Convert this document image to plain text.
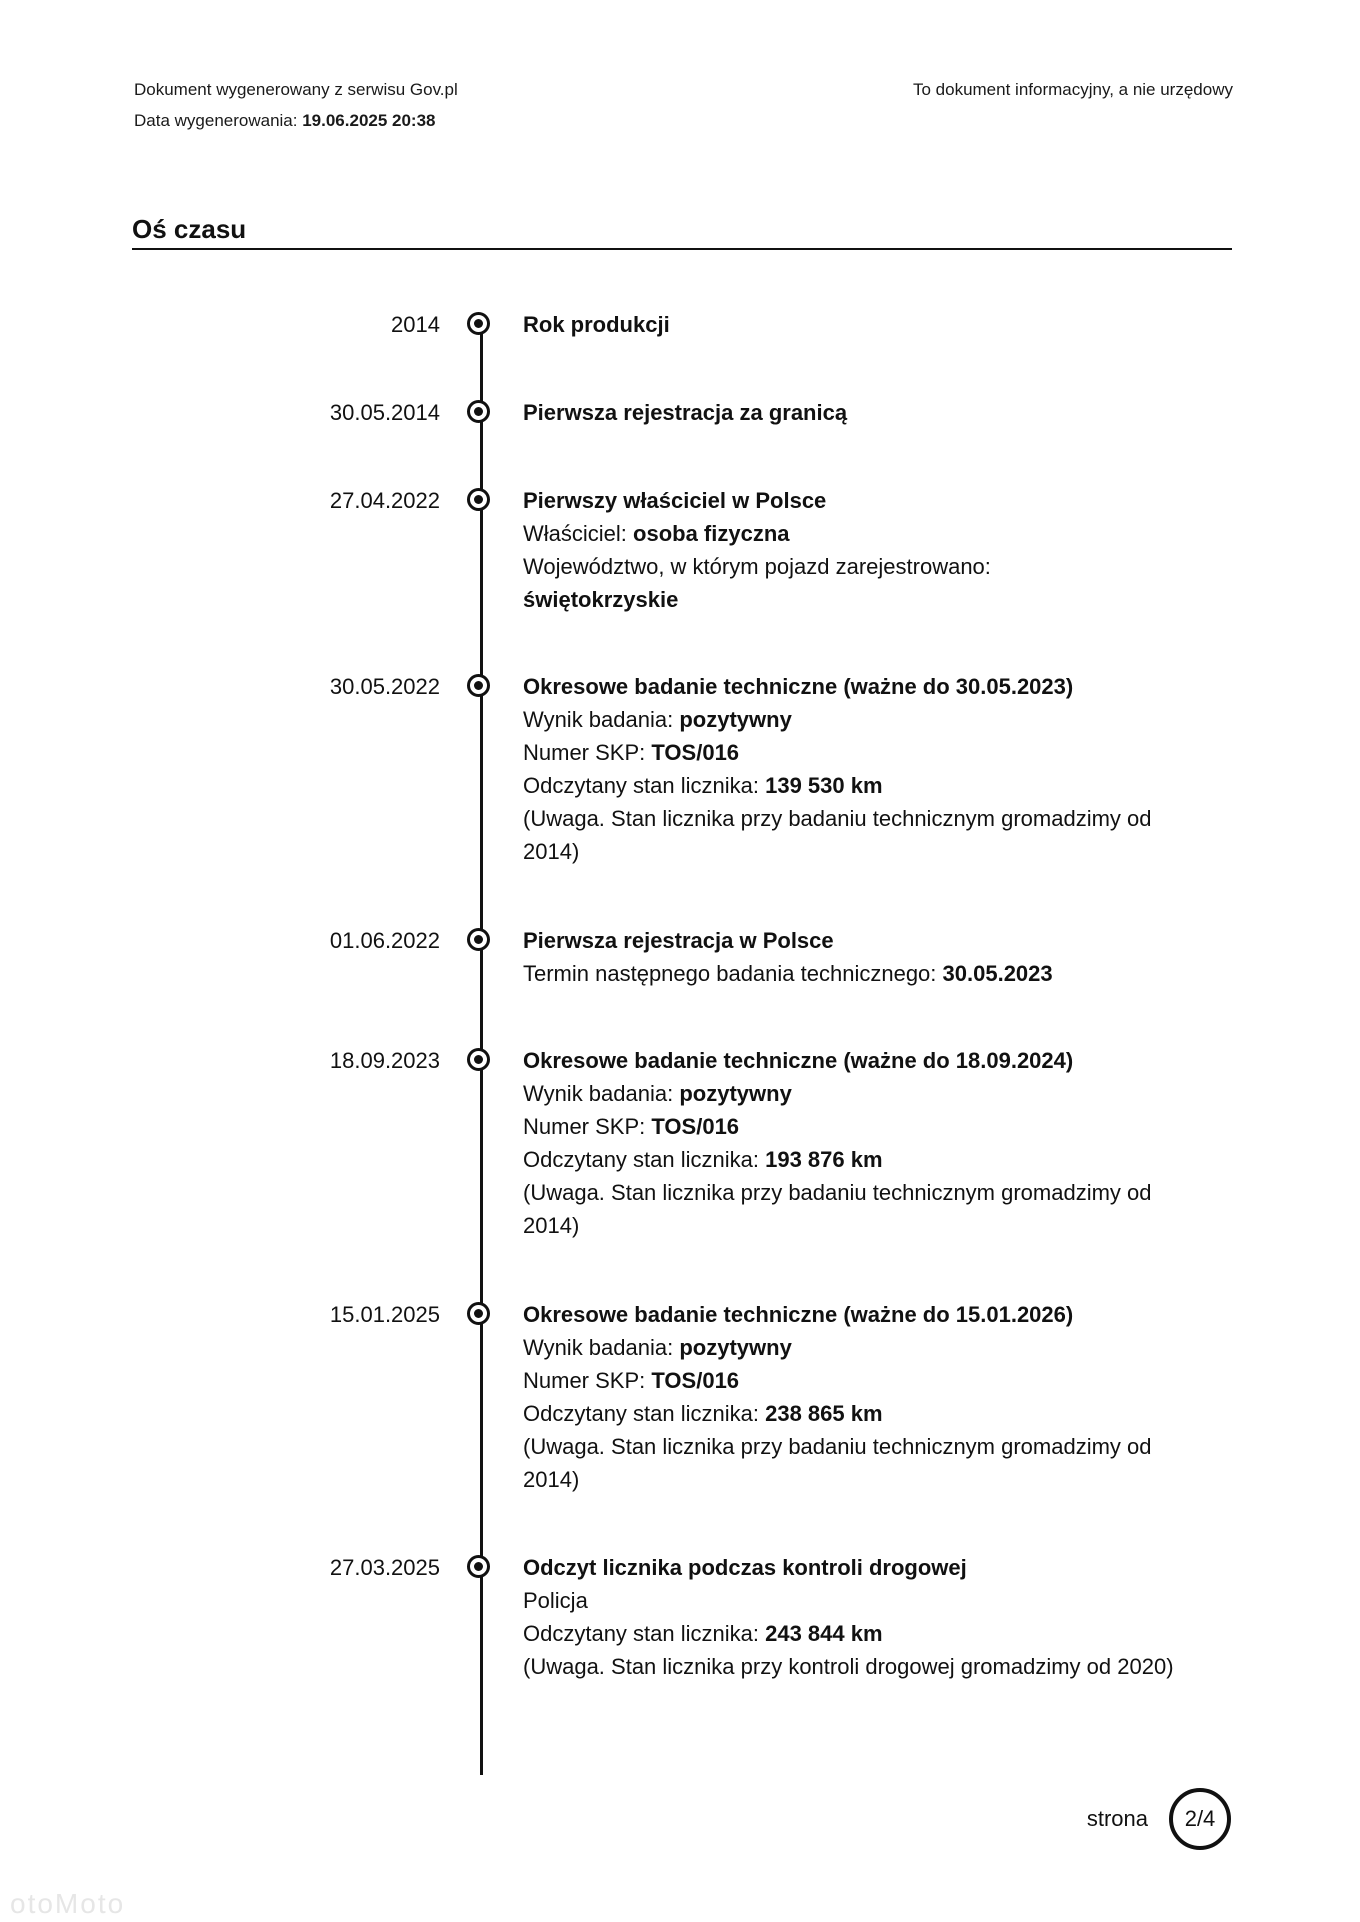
Dokument wygenerowany z serwisu Gov.pl
Data wygenerowania: 19.06.2025 20:38
To dokument informacyjny, a nie urzędowy
Oś czasu
2014	Rok produkcji
30.05.2014	Pierwsza rejestracja za granicą
27.04.2022	Pierwszy właściciel w Polsce
Właściciel: osoba fizyczna
Województwo, w którym pojazd zarejestrowano:
świętokrzyskie
30.05.2022	Okresowe badanie techniczne (ważne do 30.05.2023)
Wynik badania: pozytywny
Numer SKP: TOS/016
Odczytany stan licznika: 139 530 km
(Uwaga. Stan licznika przy badaniu technicznym gromadzimy od 2014)
01.06.2022	Pierwsza rejestracja w Polsce
Termin następnego badania technicznego: 30.05.2023
18.09.2023	Okresowe badanie techniczne (ważne do 18.09.2024)
Wynik badania: pozytywny
Numer SKP: TOS/016
Odczytany stan licznika: 193 876 km
(Uwaga. Stan licznika przy badaniu technicznym gromadzimy od 2014)
15.01.2025	Okresowe badanie techniczne (ważne do 15.01.2026)
Wynik badania: pozytywny
Numer SKP: TOS/016
Odczytany stan licznika: 238 865 km
(Uwaga. Stan licznika przy badaniu technicznym gromadzimy od 2014)
27.03.2025	Odczyt licznika podczas kontroli drogowej
Policja
Odczytany stan licznika: 243 844 km
(Uwaga. Stan licznika przy kontroli drogowej gromadzimy od 2020)
strona	2/4
otoMoto
